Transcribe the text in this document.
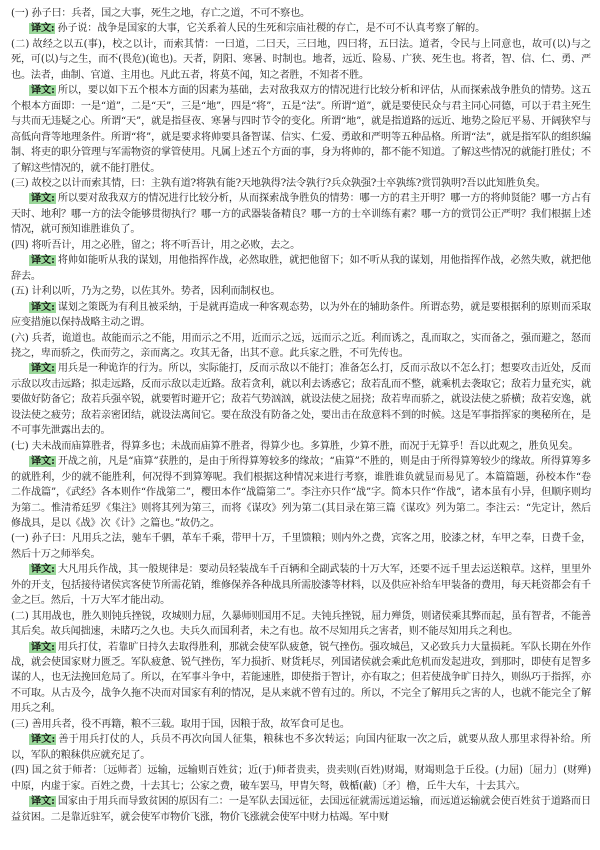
(一) 孙子曰：兵者，国之大事，死生之地，存亡之道，不可不察也。

译文: 孙子说：战争是国家的大事，它关系着人民的生死和宗庙社稷的存亡，是不可不认真考察了解的。

(二) 故经之以五(事)，校之以计，而索其情：一曰道，二曰天，三曰地，四曰将，五曰法。道者，令民与上同意也，故可(以)与之死，可(以)与之生，而不(畏危)(诡也)。天者，阴阳、寒暑、时制也。地者，远近、险易、广狭、死生也。将者，智、信、仁、勇、严也。法者，曲制、官道、主用也。凡此五者，将莫不闻，知之者胜，不知者不胜。

译文: 所以，要以如下五个根本方面的因素为基础，去对敌我双方的情况进行比较分析和评估，从而探索战争胜负的情势。这五个根本方面即：一是“道”，二是“天”，三是“地”，四是“将”，五是“法”。所谓“道”，就是要使民众与君主同心同德，可以于君主死生与共而无违疑之心。所谓“天”，就是指昼夜、寒暑与四时节令的变化。所谓“地”，就是指道路的远近、地势之险厄平易、开阔狭窄与高低向背等地理条件。所谓“将”，就是要求将帅要具备智谋、信实、仁爱、勇敢和严明等五种品格。所谓“法”，就是指军队的组织编制、将吏的职分管理与军需物资的掌管使用。凡属上述五个方面的事，身为将帅的，都不能不知道。了解这些情况的就能打胜仗；不了解这些情况的，就不能打胜仗。

(三) 故校之以计而索其情，曰：主孰有道?将孰有能?天地孰得?法令孰行?兵众孰强?士卒孰练?赏罚孰明?吾以此知胜负矣。

译文: 所以要对敌我双方的情况进行比较分析，从而探索战争胜负的情势：哪一方的君主开明？哪一方的将帅贤能？哪一方占有天时、地利？哪一方的法令能够贯彻执行？哪一方的武器装备精良？哪一方的士卒训练有素？哪一方的赏罚公正严明？我们根据上述情况，就可预知谁胜谁负了。

(四) 将听吾计，用之必胜，留之；将不听吾计，用之必败，去之。

译文: 将帅如能听从我的谋划，用他指挥作战，必然取胜，就把他留下；如不听从我的谋划，用他指挥作战，必然失败，就把他辞去。

(五) 计利以听，乃为之势，以佐其外。势者，因利而制权也。

译文: 谋划之策既为有利且被采纳，于是就再造成一种客观态势，以为外在的辅助条件。所谓态势，就是要根据利的原则而采取应变措施以保持战略主动之谓。

(六) 兵者，诡道也。故能而示之不能，用而示之不用，近而示之远，远而示之近。利而诱之，乱而取之，实而备之，强而避之，怒而挠之，卑而骄之，佚而劳之，亲而离之。攻其无备，出其不意。此兵家之胜，不可先传也。

译文: 用兵是一种诡诈的行为。所以，实际能打，反而示敌以不能打；准备怎么打，反而示敌以不怎么打；想要攻击近处，反而示敌以攻击远路；拟走远路，反而示敌以走近路。敌若贪利，就以利去诱惑它；敌若乱而不整，就乘机去袭取它；敌若力量充实，就要做好防备它；敌若兵强卒锐，就要暂时避开它；敌若气势汹汹，就设法使之屈挠；敌若卑而骄之，就设法使之骄横；敌若安逸，就设法使之疲劳；敌若亲密团结，就设法离间它。要在敌没有防备之处，要出击在敌意料不到的时候。这是军事指挥家的奥秘所在，是不可事先泄露出去的。

(七) 夫未战而庙算胜者，得算多也；未战而庙算不胜者，得算少也。多算胜，少算不胜，而况于无算乎！吾以此观之，胜负见矣。

译文: 开战之前，凡是“庙算”获胜的，是由于所得算筹较多的缘故；“庙算”不胜的，则是由于所得算筹较少的缘故。所得算筹多的就胜利，少的就不能胜利，何况得不到算筹呢。我们根据这种情况来进行考察，谁胜谁负就显而易见了。本篇篇题，孙校本作“卷二作战篇”，《武经》各本则作“作战第二”，樱田本作“战篇第二”。李注亦只作“战”字。简本只作“作战”，诸本虽有小异，但顺序则均为第二。惟清希廷罗《集注》则将其列为第三，而将《谋攻》列为第二(其目录在第三篇《谋攻》列为第二。李注云：“先定计，然后修战具，是以《战》次《计》之篇也。”故仍之。

(一) 孙子曰：凡用兵之法，驰车千驷，革车千乘，带甲十万，千里馈粮；则内外之费，宾客之用，胶漆之材，车甲之奉，日费千金，然后十万之师举矣。

译文: 大凡用兵作战，其一般规律是：要动员轻装战车千百辆和全副武装的十万大军，还要不远千里去运送粮草。这样，里里外外的开支，包括接待诸侯宾客使节所需花销，维修保养各种战具所需胶漆等材料，以及供应补给车甲装备的费用，每天耗资都会有千金之巨。然后，十万大军才能出动。

(二) 其用战也，胜久则钝兵挫锐，攻城则力屈，久暴师则国用不足。夫钝兵挫锐，屈力殚货，则诸侯乘其弊而起，虽有智者，不能善其后矣。故兵闻拙速，未睹巧之久也。夫兵久而国利者，未之有也。故不尽知用兵之害者，则不能尽知用兵之利也。

译文: 用兵打仗，若靠旷日持久去取得胜利，那就会使军队疲惫，锐气挫伤。强攻城邑，又必致兵力大量损耗。军队长期在外作战，就会使国家财力匮乏。军队疲惫、锐气挫伤，军力损折、财货耗尽，列国诸侯就会乘此危机而发起进攻，到那时，即使有足智多谋的人，也无法挽回危局了。所以，在军事斗争中，若能速胜，即使指于智计，亦有取之；但若使战争旷日持久，则纵巧于指挥，亦不可取。从古及今，战争久拖不决而对国家有利的情况，是从来就不曾有过的。所以，不完全了解用兵之害的人，也就不能完全了解用兵之利。

(三) 善用兵者，役不再籍，粮不三载。取用于国，因粮于敌，故军食可足也。

译文: 善于用兵打仗的人，兵员不再次向国人征集，粮秣也不多次转运；向国内征取一次之后，就要从敌人那里求得补给。所以，军队的粮秣供应就充足了。

(四) 国之贫于师者：〔远师者〕远输，远输则百姓贫；近(于)师者贵卖，贵卖则(百姓)财竭，财竭则急于丘役。(力屈)〔屈力〕(财殚)中原，内虚于家。百姓之费，十去其七；公家之费，破车罢马，甲胄矢弩，戟楯(蔽)〔矛〕橹，丘牛大车，十去其六。

译文: 国家由于用兵而导致贫困的原因有二：一是军队去国远征，去国远征就需远道运输，而远道运输就会使百姓贫于道路而日益贫困。二是靠近驻军，就会使军市物价飞涨，物价飞涨就会使军中财力枯竭。军中财
